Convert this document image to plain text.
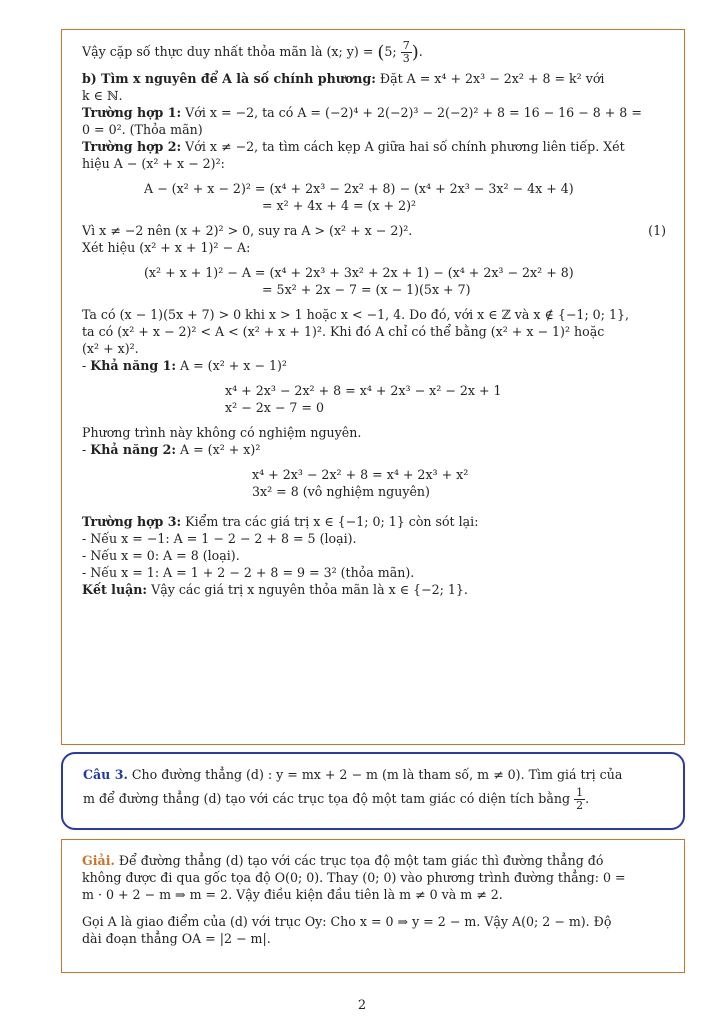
Vậy cặp số thực duy nhất thỏa mãn là (x; y) = (5; $\frac{7}{3}$ ).

b) Tìm x nguyên để A là số chính phương: Đặt A = x⁴ + 2x³ − 2x² + 8 = k² với

k ∈ ℕ.

Trường hợp 1: Với x = −2, ta có A = (−2)⁴ + 2(−2)³ − 2(−2)² + 8 = 16 − 16 − 8 + 8 =

0 = 0². (Thỏa mãn)

Trường hợp 2: Với x ≠ −2, ta tìm cách kẹp A giữa hai số chính phương liên tiếp. Xét

hiệu A − (x² + x − 2)²:

A − (x² + x − 2)² = (x⁴ + 2x³ − 2x² + 8) − (x⁴ + 2x³ − 3x² − 4x + 4)

= x² + 4x + 4 = (x + 2)²

Vì x ≠ −2 nên (x + 2)² > 0, suy ra A > (x² + x − 2)².	(1)

Xét hiệu (x² + x + 1)² − A:

(x² + x + 1)² − A = (x⁴ + 2x³ + 3x² + 2x + 1) − (x⁴ + 2x³ − 2x² + 8)

= 5x² + 2x − 7 = (x − 1)(5x + 7)

Ta có (x − 1)(5x + 7) > 0 khi x > 1 hoặc x < −1, 4. Do đó, với x ∈ ℤ và x ∉ {−1; 0; 1},

ta có (x² + x − 2)² < A < (x² + x + 1)². Khi đó A chỉ có thể bằng (x² + x − 1)² hoặc

(x² + x)².

- Khả năng 1: A = (x² + x − 1)²

x⁴ + 2x³ − 2x² + 8 = x⁴ + 2x³ − x² − 2x + 1

x² − 2x − 7 = 0

Phương trình này không có nghiệm nguyên.

- Khả năng 2: A = (x² + x)²

x⁴ + 2x³ − 2x² + 8 = x⁴ + 2x³ + x²

3x² = 8 (vô nghiệm nguyên)

Trường hợp 3: Kiểm tra các giá trị x ∈ {−1; 0; 1} còn sót lại:

- Nếu x = −1: A = 1 − 2 − 2 + 8 = 5 (loại).

- Nếu x = 0: A = 8 (loại).

- Nếu x = 1: A = 1 + 2 − 2 + 8 = 9 = 3² (thỏa mãn).

Kết luận: Vậy các giá trị x nguyên thỏa mãn là x ∈ {−2; 1}.

Câu 3. Cho đường thẳng (d) : y = mx + 2 − m (m là tham số, m ≠ 0). Tìm giá trị của

m để đường thẳng (d) tạo với các trục tọa độ một tam giác có diện tích bằng $\frac{1}{2}$ .

Giải. Để đường thẳng (d) tạo với các trục tọa độ một tam giác thì đường thẳng đó

không được đi qua gốc tọa độ O(0; 0). Thay (0; 0) vào phương trình đường thẳng: 0 =

m · 0 + 2 − m ⇒ m = 2. Vậy điều kiện đầu tiên là m ≠ 0 và m ≠ 2.

Gọi A là giao điểm của (d) với trục Oy: Cho x = 0 ⇒ y = 2 − m. Vậy A(0; 2 − m). Độ

dài đoạn thẳng OA = |2 − m|.

2
